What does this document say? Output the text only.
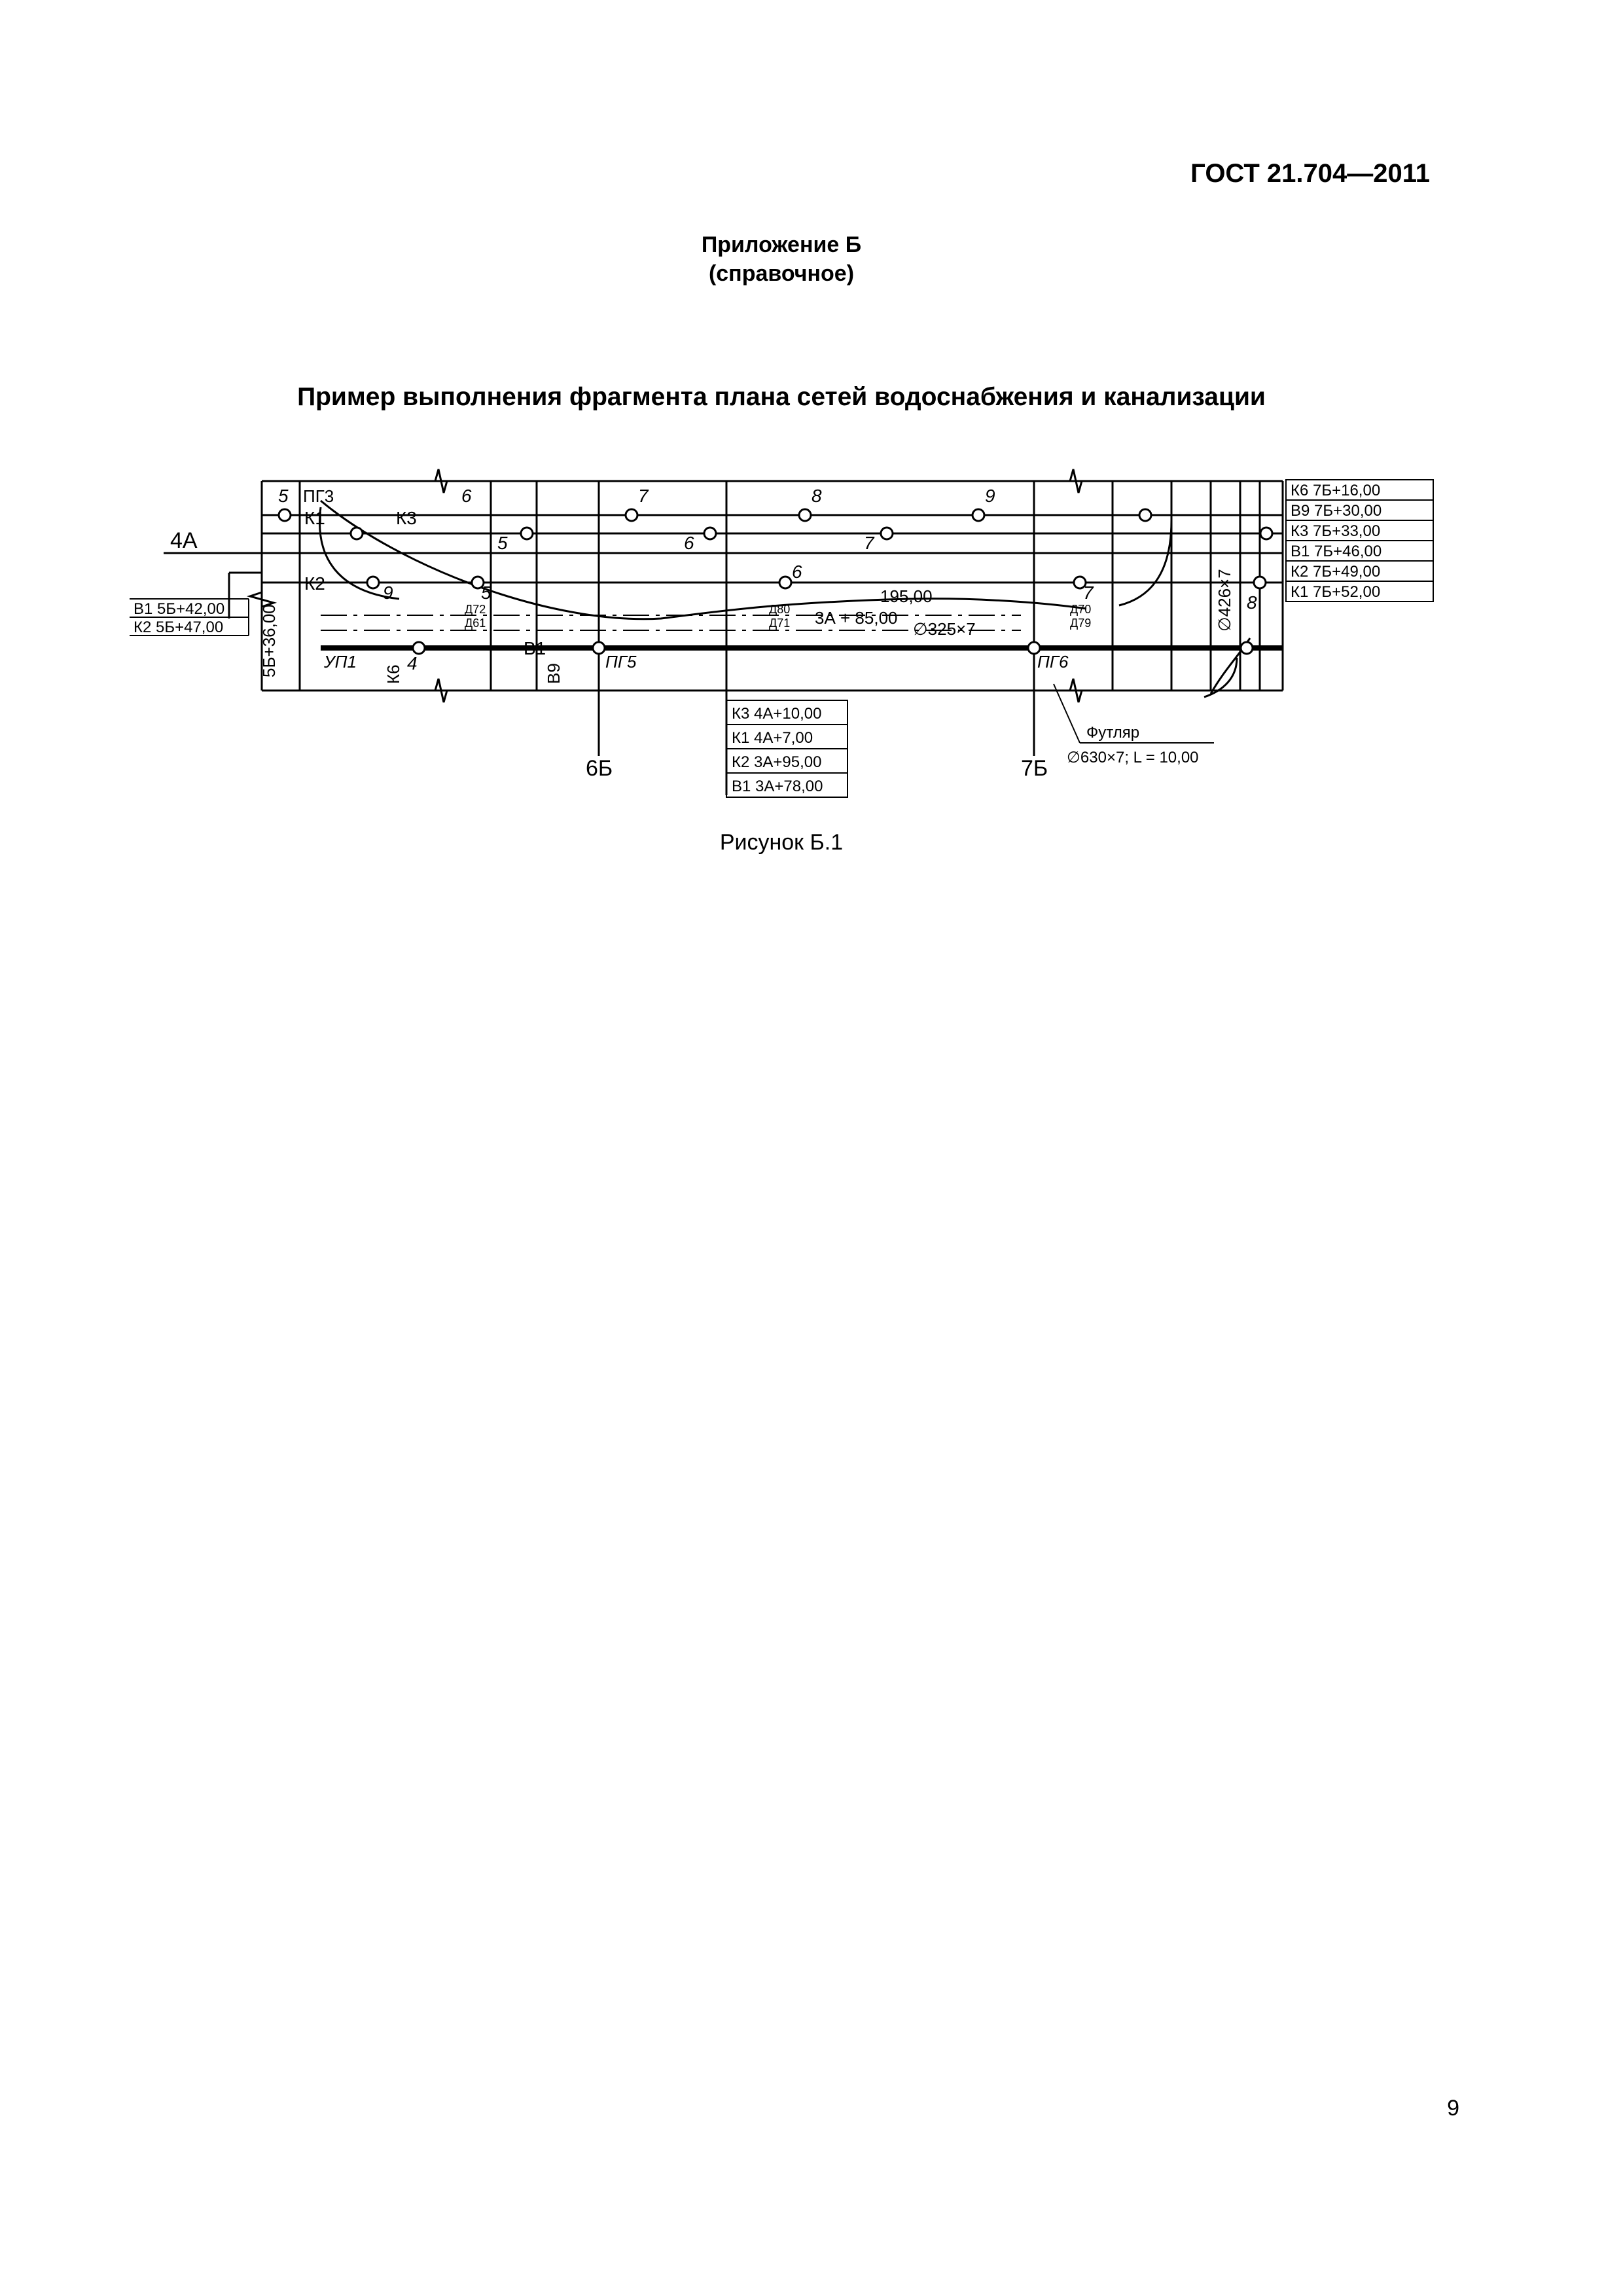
ГОСТ 21.704—2011
Приложение Б
(справочное)
Пример выполнения фрагмента плана сетей водоснабжения и канализации
В1 5Б+42,00
К2 5Б+47,00
К6 7Б+16,00
В9 7Б+30,00
К3 7Б+33,00
В1 7Б+46,00
К2 7Б+49,00
К1 7Б+52,00
К3 4А+10,00
К1 4А+7,00
К2 3А+95,00
В1 3А+78,00
4А
6Б	7Б
Футляр
∅630×7; L = 10,00
∅325×7
195,00
3А + 85,00
5Б+36,00
∅426×7
ПГ3
ПГ5	ПГ6
УП1
К1
К2
К3
К6
В1
В9
5	6	7	8	9
4
5	6	7
8
9	5
6
7
Д72
Д61
Д80
Д71
Д70
Д79
Рисунок Б.1
9
